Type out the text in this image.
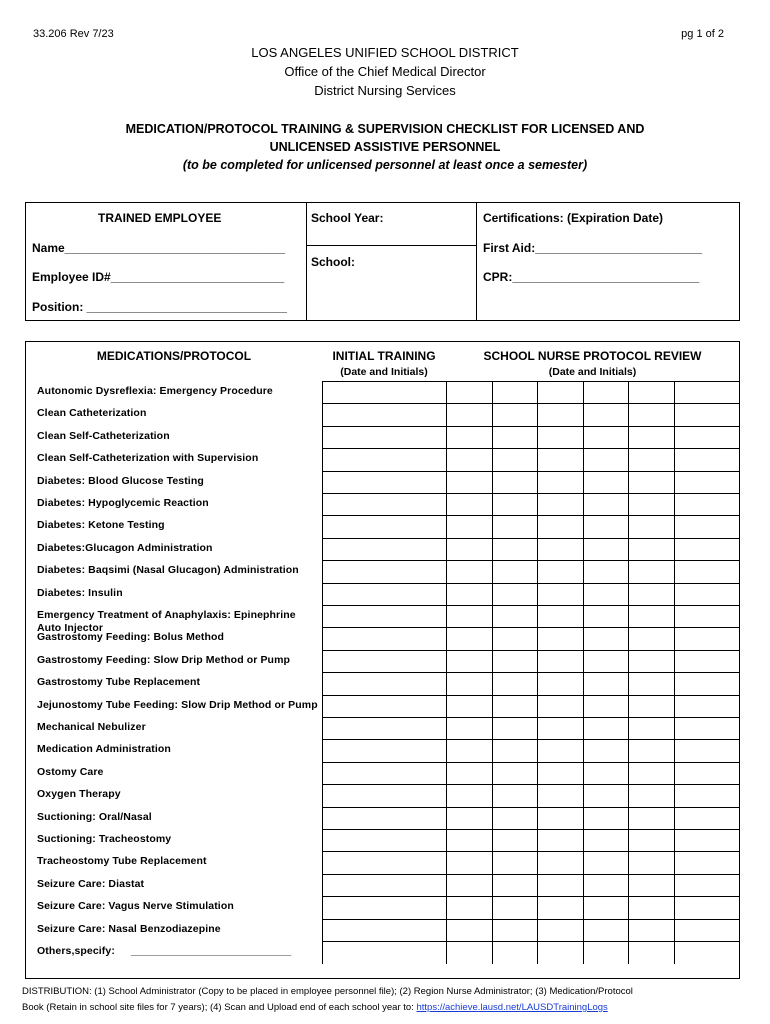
33.206 Rev 7/23	pg 1 of 2
LOS ANGELES UNIFIED SCHOOL DISTRICT
Office of the Chief Medical Director
District Nursing Services
MEDICATION/PROTOCOL TRAINING & SUPERVISION CHECKLIST FOR LICENSED AND
UNLICENSED ASSISTIVE PERSONNEL
(to be completed for unlicensed personnel at least once a semester)
TRAINED EMPLOYEE
Name_________________________________
Employee ID#__________________________
Position: ______________________________
School Year:
School:
Certifications: (Expiration Date)
First Aid:_________________________
CPR:____________________________
MEDICATIONS/PROTOCOL	INITIAL TRAINING
(Date and Initials)
SCHOOL NURSE PROTOCOL REVIEW
(Date and Initials)
Autonomic Dysreflexia: Emergency Procedure
Clean Catheterization
Clean Self-Catheterization
Clean Self-Catheterization with Supervision
Diabetes: Blood Glucose Testing
Diabetes: Hypoglycemic Reaction
Diabetes: Ketone Testing
Diabetes:Glucagon Administration
Diabetes: Baqsimi (Nasal Glucagon) Administration
Diabetes: Insulin
Emergency Treatment of Anaphylaxis: Epinephrine Auto Injector
Gastrostomy Feeding: Bolus Method
Gastrostomy Feeding: Slow Drip Method or Pump
Gastrostomy Tube Replacement
Jejunostomy Tube Feeding: Slow Drip Method or Pump
Mechanical Nebulizer
Medication Administration
Ostomy Care
Oxygen Therapy
Suctioning: Oral/Nasal
Suctioning: Tracheostomy
Tracheostomy Tube Replacement
Seizure Care: Diastat
Seizure Care: Vagus Nerve Stimulation
Seizure Care: Nasal Benzodiazepine
Others,specify: ___________________________
DISTRIBUTION: (1) School Administrator (Copy to be placed in employee personnel file); (2) Region Nurse Administrator; (3) Medication/Protocol
Book (Retain in school site files for 7 years); (4) Scan and Upload end of each school year to: https://achieve.lausd.net/LAUSDTrainingLogs
